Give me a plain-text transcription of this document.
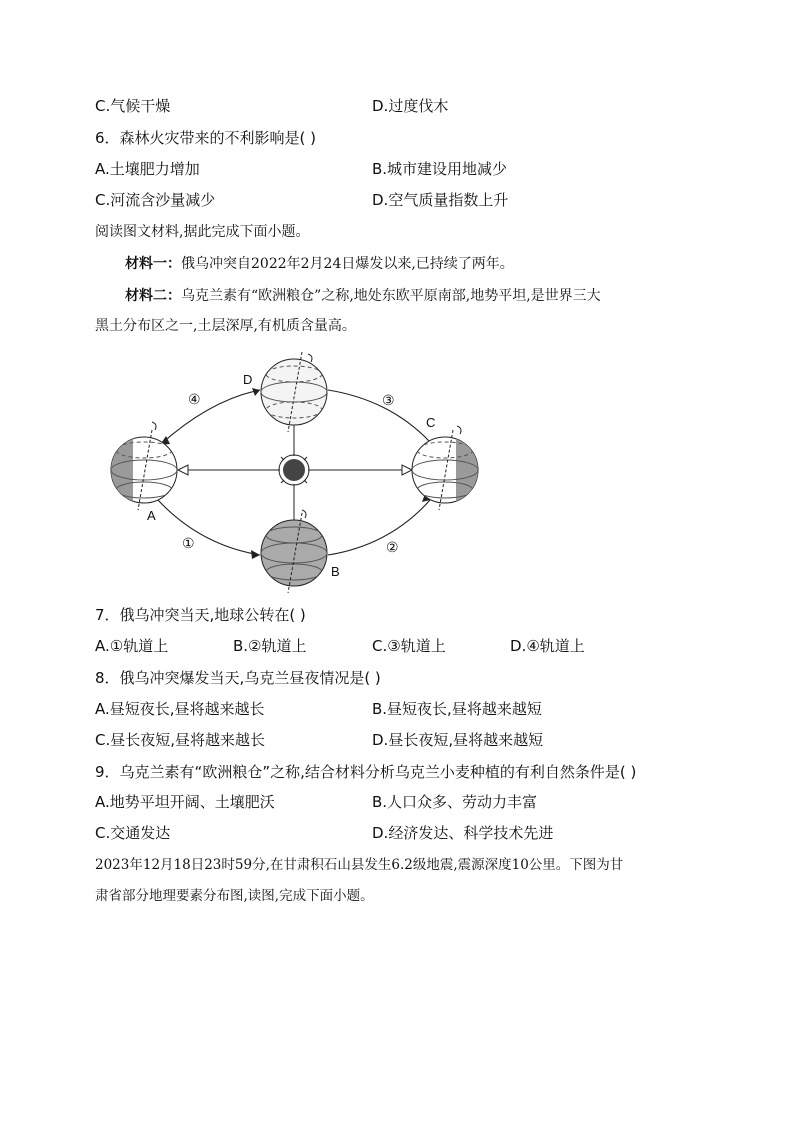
C.气候干燥	D.过度伐木
6．森林火灾带来的不利影响是( )
A.土壤肥力增加	B.城市建设用地减少
C.河流含沙量减少	D.空气质量指数上升
阅读图文材料,据此完成下面小题。
材料一：俄乌冲突自2022年2月24日爆发以来,已持续了两年。
材料二：乌克兰素有“欧洲粮仓”之称,地处东欧平原南部,地势平坦,是世界三大
黑土分布区之一,土层深厚,有机质含量高。
A
B
C
D
①	②
③
④
7．俄乌冲突当天,地球公转在( )
A.①轨道上	B.②轨道上	C.③轨道上	D.④轨道上
8．俄乌冲突爆发当天,乌克兰昼夜情况是( )
A.昼短夜长,昼将越来越长	B.昼短夜长,昼将越来越短
C.昼长夜短,昼将越来越长	D.昼长夜短,昼将越来越短
9．乌克兰素有“欧洲粮仓”之称,结合材料分析乌克兰小麦种植的有利自然条件是( )
A.地势平坦开阔、土壤肥沃	B.人口众多、劳动力丰富
C.交通发达	D.经济发达、科学技术先进
2023年12月18日23时59分,在甘肃积石山县发生6.2级地震,震源深度10公里。下图为甘
肃省部分地理要素分布图,读图,完成下面小题。
